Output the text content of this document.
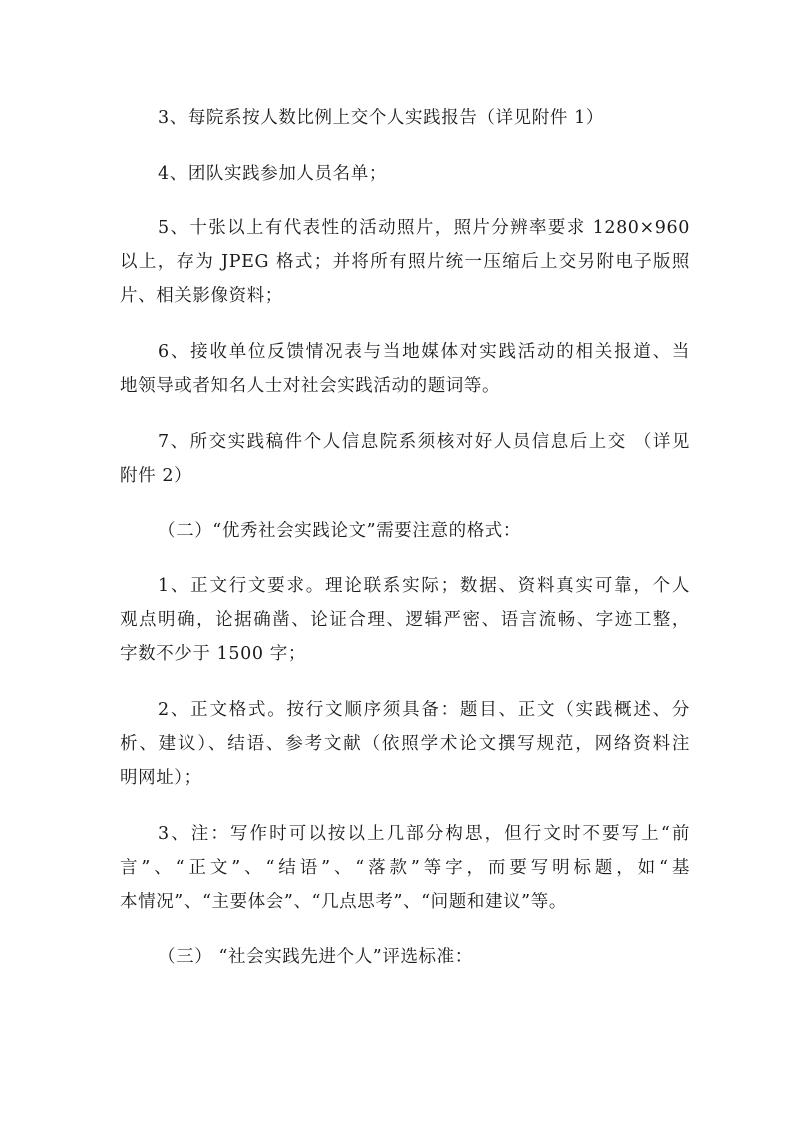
3、每院系按人数比例上交个人实践报告（详见附件 1）
4、团队实践参加人员名单；
5、十张以上有代表性的活动照片，照片分辨率要求 1280×960
以上，存为 JPEG 格式；并将所有照片统一压缩后上交另附电子版照
片、相关影像资料；
6、接收单位反馈情况表与当地媒体对实践活动的相关报道、当
地领导或者知名人士对社会实践活动的题词等。
7、所交实践稿件个人信息院系须核对好人员信息后上交 （详见
附件 2）
（二）“优秀社会实践论文”需要注意的格式：
1、正文行文要求。理论联系实际；数据、资料真实可靠，个人
观点明确，论据确凿、论证合理、逻辑严密、语言流畅、字迹工整，
字数不少于 1500 字；
2、正文格式。按行文顺序须具备：题目、正文（实践概述、分
析、建议）、结语、参考文献（依照学术论文撰写规范，网络资料注
明网址）；
3、注：写作时可以按以上几部分构思，但行文时不要写上“前
言”、“正文”、“结语”、“落款”等字，而要写明标题，如“基
本情况”、“主要体会”、“几点思考”、“问题和建议”等。
（三） “社会实践先进个人”评选标准：
